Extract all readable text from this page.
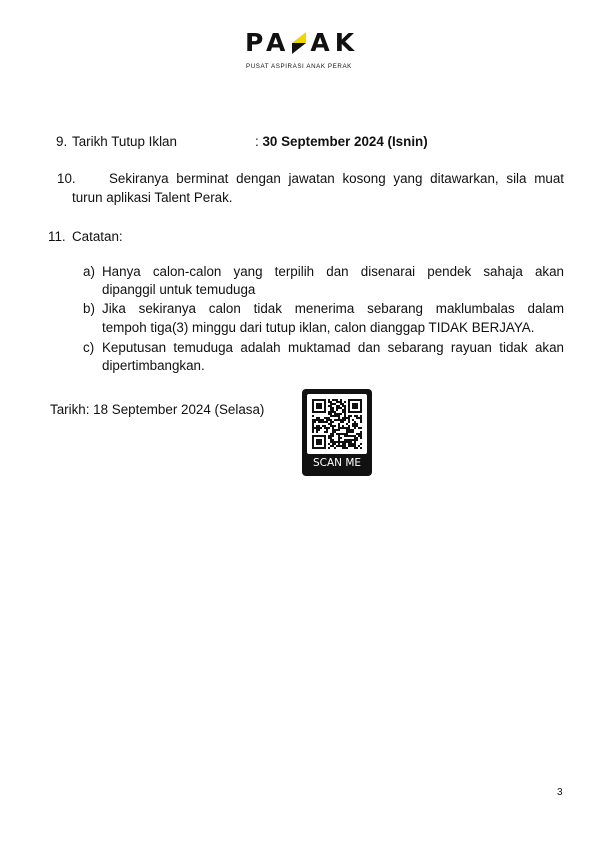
PA AK
PUSAT ASPIRASI ANAK PERAK
9. Tarikh Tutup Iklan	: 30 September 2024 (Isnin)
10. Sekiranya berminat dengan jawatan kosong yang ditawarkan, sila muat
turun aplikasi Talent Perak.
11. Catatan:
a) Hanya calon-calon yang terpilih dan disenarai pendek sahaja akan
dipanggil untuk temuduga
b) Jika sekiranya calon tidak menerima sebarang maklumbalas dalam
tempoh tiga(3) minggu dari tutup iklan, calon dianggap TIDAK BERJAYA.
c) Keputusan temuduga adalah muktamad dan sebarang rayuan tidak akan
dipertimbangkan.
Tarikh: 18 September 2024 (Selasa)
SCAN ME
3
